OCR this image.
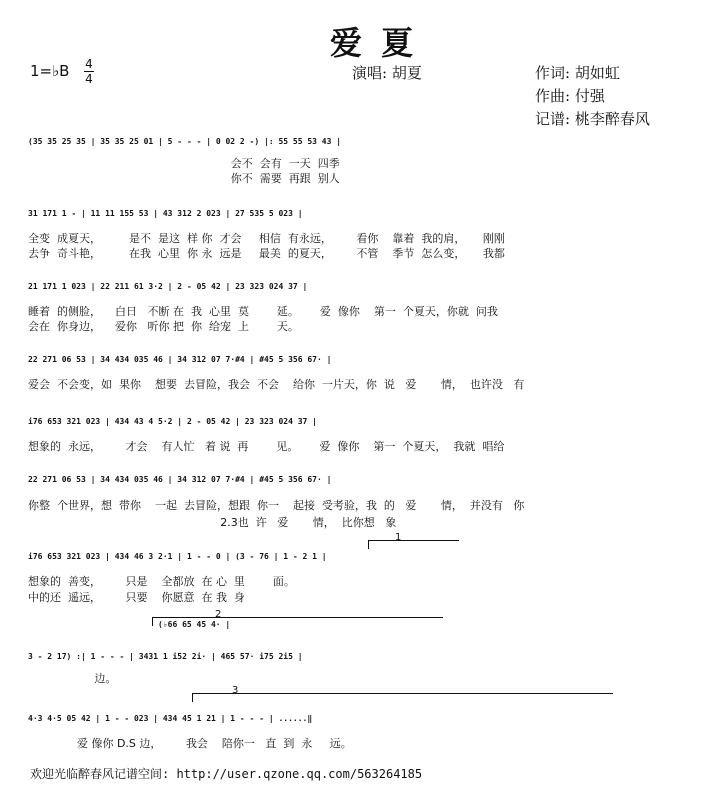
爱 夏
1=♭B 4
4	演唱: 胡夏	作词: 胡如虹
作曲: 付强
记谱: 桃李醉春风
(35 35 25 35 | 35 35 25 01 | 5 - - - | 0 02 2 -) |: 55 55 53 43 |
会不  会有  一天  四季
你不  需要  再跟  别人
31 171 1 - | 11 11 155 53 | 43 312 2 023 | 27 535 5 023 |
全变  成夏天，        是不  是这  样 你  才会     相信  有永远，       看你    靠着  我的肩，     刚刚
去争  奇斗艳，        在我  心里  你 永  远是     最美  的夏天，       不管    季节  怎么变，     我都
21 171 1 023 | 22 211 61 3·2 | 2 - 05 42 | 23 323 024 37 |
睡着  的侧脸，    白日   不断 在  我  心里  莫        延。      爱  像你    第一  个夏天，你就  问我
会在  你身边，    爱你   听你 把  你  给宠  上        天。
22 271 06 53 | 34 434 035 46 | 34 312 07 7·#4 | #45 5 356 67· |
爱会  不会变，如  果你    想要  去冒险，我会  不会    给你  一片天，你  说   爱       情，  也许没   有
i76 653 321 023 | 434 43 4 5·2 | 2 - 05 42 | 23 323 024 37 |
想象的  永远，       才会    有人忙   着 说  再        见。      爱  像你    第一  个夏天，  我就  唱给
22 271 06 53 | 34 434 035 46 | 34 312 07 7·#4 | #45 5 356 67· |
你整  个世界，想  带你    一起  去冒险，想跟  你一    起接  受考验，我  的   爱       情，  并没有   你
2.3也  许   爱       情，  比你想   象
1
i76 653 321 023 | 434 46 3 2·1 | 1 - - 0 | (3 - 76 | 1 - 2 1 |
想象的  善变，       只是    全都放  在 心  里        面。
中的还  遥远，       只要    你愿意  在 我  身
2
(♭66 65 45 4· |
3 - 2 17) :| 1 - - - | 3431 1 i52 2i· | 465 57· i75 2i5 |
边。
3
4·3 4·5 05 42 | 1 - - 023 | 434 45 1 21 | 1 - - - | ......‖
爱 像你 D.S 边，       我会    陪你一   直  到  永     远。
欢迎光临醉春风记谱空间: http://user.qzone.qq.com/563264185
